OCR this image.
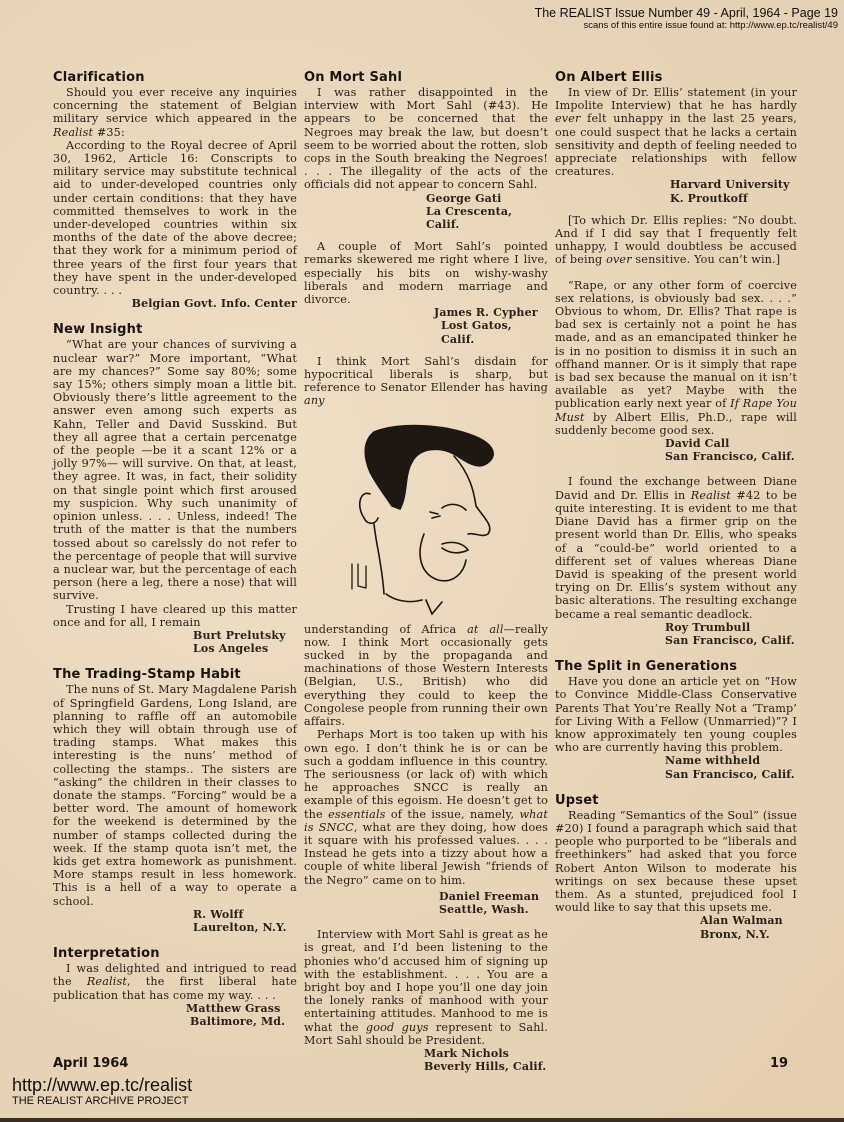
The REALIST Issue Number 49 - April, 1964 - Page 19
scans of this entire issue found at: http://www.ep.tc/realist/49
Clarification

Should you ever receive any inquiries concerning the statement of Belgian military service which appeared in the Realist #35:

According to the Royal decree of April 30, 1962, Article 16: Conscripts to military service may substitute technical aid to under-developed countries only under certain conditions: that they have committed themselves to work in the under-developed countries within six months of the date of the above decree; that they work for a minimum period of three years of the first four years that they have spent in the under-developed country. . . .

Belgian Govt. Info. Center
New Insight

“What are your chances of surviving a nuclear war?” More important, “What are my chances?” Some say 80%; some say 15%; others simply moan a little bit. Obviously there’s little agreement to the answer even among such experts as Kahn, Teller and David Susskind. But they all agree that a certain percenatge of the people —be it a scant 12% or a jolly 97%— will survive. On that, at least, they agree. It was, in fact, their solidity on that single point which first aroused my suspicion. Why such unanimity of opinion unless. . . . Unless, indeed! The truth of the matter is that the numbers tossed about so carelssly do not refer to the percentage of people that will survive a nuclear war, but the percentage of each person (here a leg, there a nose) that will survive.

Trusting I have cleared up this matter once and for all, I remain

Burt Prelutsky
Los Angeles
The Trading-Stamp Habit

The nuns of St. Mary Magdalene Parish of Springfield Gardens, Long Island, are planning to raffle off an automobile which they will obtain through use of trading stamps. What makes this interesting is the nuns’ method of collecting the stamps.. The sisters are “asking” the children in their classes to donate the stamps. “Forcing” would be a better word. The amount of homework for the weekend is determined by the number of stamps collected during the week. If the stamp quota isn’t met, the kids get extra homework as punishment. More stamps result in less homework. This is a hell of a way to operate a school.

R. Wolff
Laurelton, N.Y.
Interpretation

I was delighted and intrigued to read the Realist, the first liberal hate publication that has come my way. . . .

Matthew Grass
Baltimore, Md.
On Mort Sahl

I was rather disappointed in the interview with Mort Sahl (#43). He appears to be concerned that the Negroes may break the law, but doesn’t seem to be worried about the rotten, slob cops in the South breaking the Negroes! . . . The illegality of the acts of the officials did not appear to concern Sahl.

George Gati
La Crescenta, Calif.

A couple of Mort Sahl’s pointed remarks skewered me right where I live, especially his bits on wishy-washy liberals and modern marriage and divorce.

James R. Cypher
Lost Gatos, Calif.

I think Mort Sahl’s disdain for hypocritical liberals is sharp, but reference to Senator Ellender has having any

understanding of Africa at all—really now. I think Mort occasionally gets sucked in by the propaganda and machinations of those Western Interests (Belgian, U.S., British) who did everything they could to keep the Congolese people from running their own affairs.

Perhaps Mort is too taken up with his own ego. I don’t think he is or can be such a goddam influence in this country. The seriousness (or lack of) with which he approaches SNCC is really an example of this egoism. He doesn’t get to the essentials of the issue, namely, what is SNCC, what are they doing, how does it square with his professed values. . . . Instead he gets into a tizzy about how a couple of white liberal Jewish “friends of the Negro” came on to him.

Daniel Freeman
Seattle, Wash.

Interview with Mort Sahl is great as he is great, and I’d been listening to the phonies who’d accused him of signing up with the establishment. . . . You are a bright boy and I hope you’ll one day join the lonely ranks of manhood with your entertaining attitudes. Manhood to me is what the good guys represent to Sahl. Mort Sahl should be President.

Mark Nichols
Beverly Hills, Calif.
On Albert Ellis

In view of Dr. Ellis’ statement (in your Impolite Interview) that he has hardly ever felt unhappy in the last 25 years, one could suspect that he lacks a certain sensitivity and depth of feeling needed to appreciate relationships with fellow creatures.

Harvard University
K. Proutkoff

[To which Dr. Ellis replies: “No doubt. And if I did say that I frequently felt unhappy, I would doubtless be accused of being over sensitive. You can’t win.]

“Rape, or any other form of coercive sex relations, is obviously bad sex. . . .” Obvious to whom, Dr. Ellis? That rape is bad sex is certainly not a point he has made, and as an emancipated thinker he is in no position to dismiss it in such an offhand manner. Or is it simply that rape is bad sex because the manual on it isn’t available as yet? Maybe with the publication early next year of If Rape You Must by Albert Ellis, Ph.D., rape will suddenly become good sex.

David Call
San Francisco, Calif.

I found the exchange between Diane David and Dr. Ellis in Realist #42 to be quite interesting. It is evident to me that Diane David has a firmer grip on the present world than Dr. Ellis, who speaks of a “could-be” world oriented to a different set of values whereas Diane David is speaking of the present world trying on Dr. Ellis’s system without any basic alterations. The resulting exchange became a real semantic deadlock.

Roy Trumbull
San Francisco, Calif.
The Split in Generations

Have you done an article yet on “How to Convince Middle-Class Conservative Parents That You’re Really Not a ‘Tramp’ for Living With a Fellow (Unmarried)”? I know approximately ten young couples who are currently having this problem.

Name withheld
San Francisco, Calif.
Upset

Reading “Semantics of the Soul” (issue #20) I found a paragraph which said that people who purported to be “liberals and freethinkers” had asked that you force Robert Anton Wilson to moderate his writings on sex because these upset them. As a stunted, prejudiced fool I would like to say that this upsets me.

Alan Walman
Bronx, N.Y.
April 1964	19
http://www.ep.tc/realist
THE REALIST ARCHIVE PROJECT
